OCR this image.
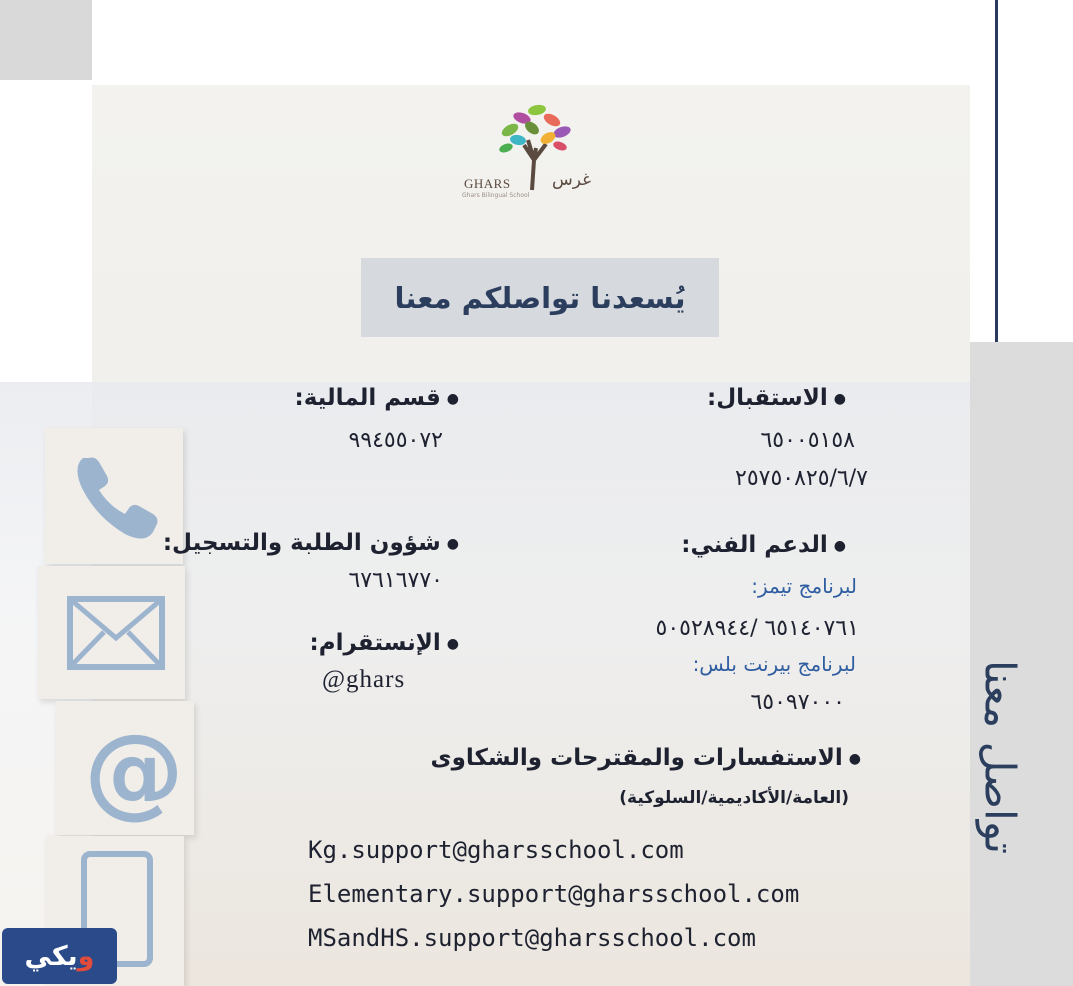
GHARS غرس
Ghars Bilingual School
يُسعدنا تواصلكم معنا
@
●الاستقبال:
٦٥٠٠٥١٥٨
٢٥٧٥٠٨٢٥/٦/٧
●الدعم الفني:
لبرنامج تيمز:
٦٥١٤٠٧٦١ /٥٠٥٢٨٩٤٤
لبرنامج بيرنت بلس:
٦٥٠٩٧٠٠٠
●قسم المالية:
٩٩٤٥٥٠٧٢
●شؤون الطلبة والتسجيل:
٦٧٦١٦٧٧٠
●الإنستقرام:
@ghars
●الاستفسارات والمقترحات والشكاوى
(العامة/الأكاديمية/السلوكية)
Kg.support@gharsschool.com
Elementary.support@gharsschool.com
MSandHS.support@gharsschool.com
تواصل معنا
ويكي
